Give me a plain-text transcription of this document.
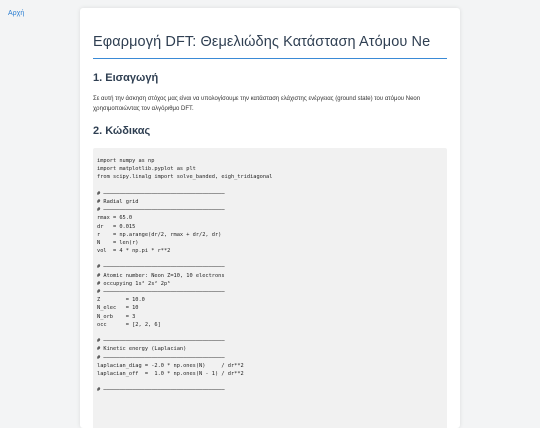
Αρχή
Εφαρμογή DFT: Θεμελιώδης Κατάσταση Ατόμου Ne
1. Εισαγωγή

Σε αυτή την άσκηση στόχος μας είναι να υπολογίσουμε την κατάσταση ελάχιστης ενέργειας (ground state) του ατόμου Neon χρησιμοποιώντας τον αλγόριθμο DFT.

2. Κώδικας
import numpy as np
import matplotlib.pyplot as plt
from scipy.linalg import solve_banded, eigh_tridiagonal

# ──────────────────────────────────────
# Radial grid
# ──────────────────────────────────────
rmax = 65.0
dr   = 0.015
r    = np.arange(dr/2, rmax + dr/2, dr)
N    = len(r)
vol  = 4 * np.pi * r**2

# ──────────────────────────────────────
# Atomic number: Neon Z=10, 10 electrons
# occupying 1s² 2s² 2p⁶
# ──────────────────────────────────────
Z        = 10.0
N_elec   = 10
N_orb    = 3
occ      = [2, 2, 6]

# ──────────────────────────────────────
# Kinetic energy (Laplacian)
# ──────────────────────────────────────
laplacian_diag = -2.0 * np.ones(N)     / dr**2
laplacian_off  =  1.0 * np.ones(N - 1) / dr**2

# ──────────────────────────────────────
